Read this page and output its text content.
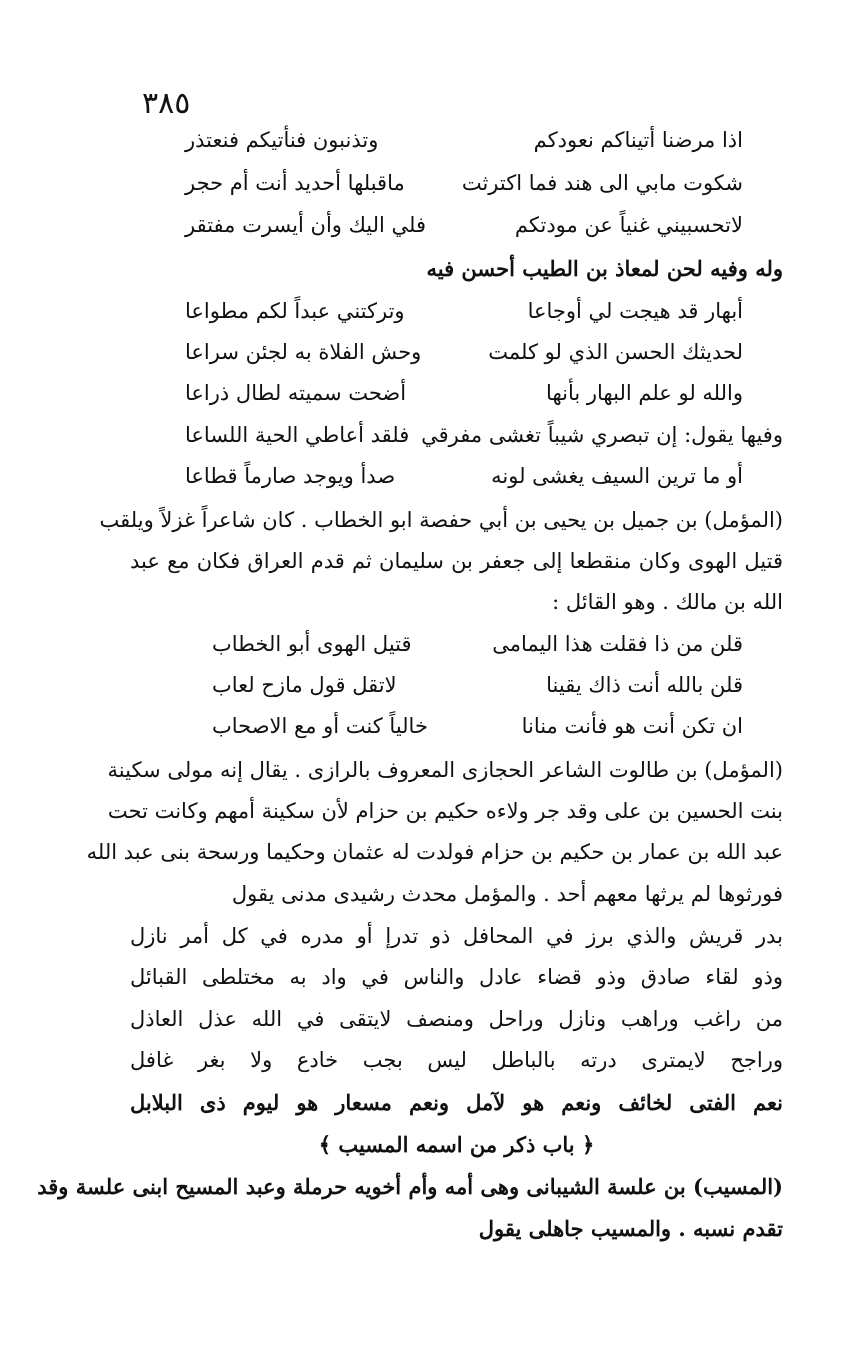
٣٨٥
اذا مرضنا أتيناكم نعودكم
وتذنبون فنأتيكم فنعتذر
شكوت مابي الى هند فما اكترثت
ماقبلها أحديد أنت أم حجر
لاتحسبيني غنياً عن مودتكم
فلي اليك وأن أيسرت مفتقر
وله وفيه لحن لمعاذ بن الطيب أحسن فيه
أبهار قد هيجت لي أوجاعا
وتركتني عبداً لكم مطواعا
لحديثك الحسن الذي لو كلمت
وحش الفلاة به لجئن سراعا
والله لو علم البهار بأنها
أضحت سميته لطال ذراعا
وفيها يقول: إن تبصري شيباً تغشى مفرقي
فلقد أعاطي الحية اللساعا
أو ما ترين السيف يغشى لونه
صدأ ويوجد صارماً قطاعا
(المؤمل) بن جميل بن يحيى بن أبي حفصة ابو الخطاب . كان شاعراً غزلاً ويلقب
قتيل الهوى وكان منقطعا إلى جعفر بن سليمان ثم قدم العراق فكان مع عبد
الله بن مالك . وهو القائل :
قلن من ذا فقلت هذا اليمامى
قتيل الهوى أبو الخطاب
قلن بالله أنت ذاك يقينا
لاتقل قول مازح لعاب
ان تكن أنت هو فأنت منانا
خالياً كنت أو مع الاصحاب
(المؤمل) بن طالوت الشاعر الحجازى المعروف بالرازى . يقال إنه مولى سكينة
بنت الحسين بن على وقد جر ولاءه حكيم بن حزام لأن سكينة أمهم وكانت تحت
عبد الله بن عمار بن حكيم بن حزام فولدت له عثمان وحكيما ورسحة بنى عبد الله
فورثوها لم يرثها معهم أحد . والمؤمل محدث رشيدى مدنى يقول
بدر قريش والذي برز في المحافل ذو تدرإ أو مدره في كل أمر نازل
وذو لقاء صادق وذو قضاء عادل والناس في واد به مختلطى القبائل
من راغب وراهب ونازل وراحل ومنصف لايتقى في الله عذل العاذل
وراجح لايمترى درته بالباطل ليس بجب خادع ولا بغر غافل
نعم الفتى لخائف ونعم هو لآمل ونعم مسعار هو ليوم ذى البلابل
﴿ باب ذكر من اسمه المسيب ﴾
(المسيب) بن علسة الشيبانى وهى أمه وأم أخويه حرملة وعبد المسيح ابنى علسة وقد
تقدم نسبه . والمسيب جاهلى يقول
